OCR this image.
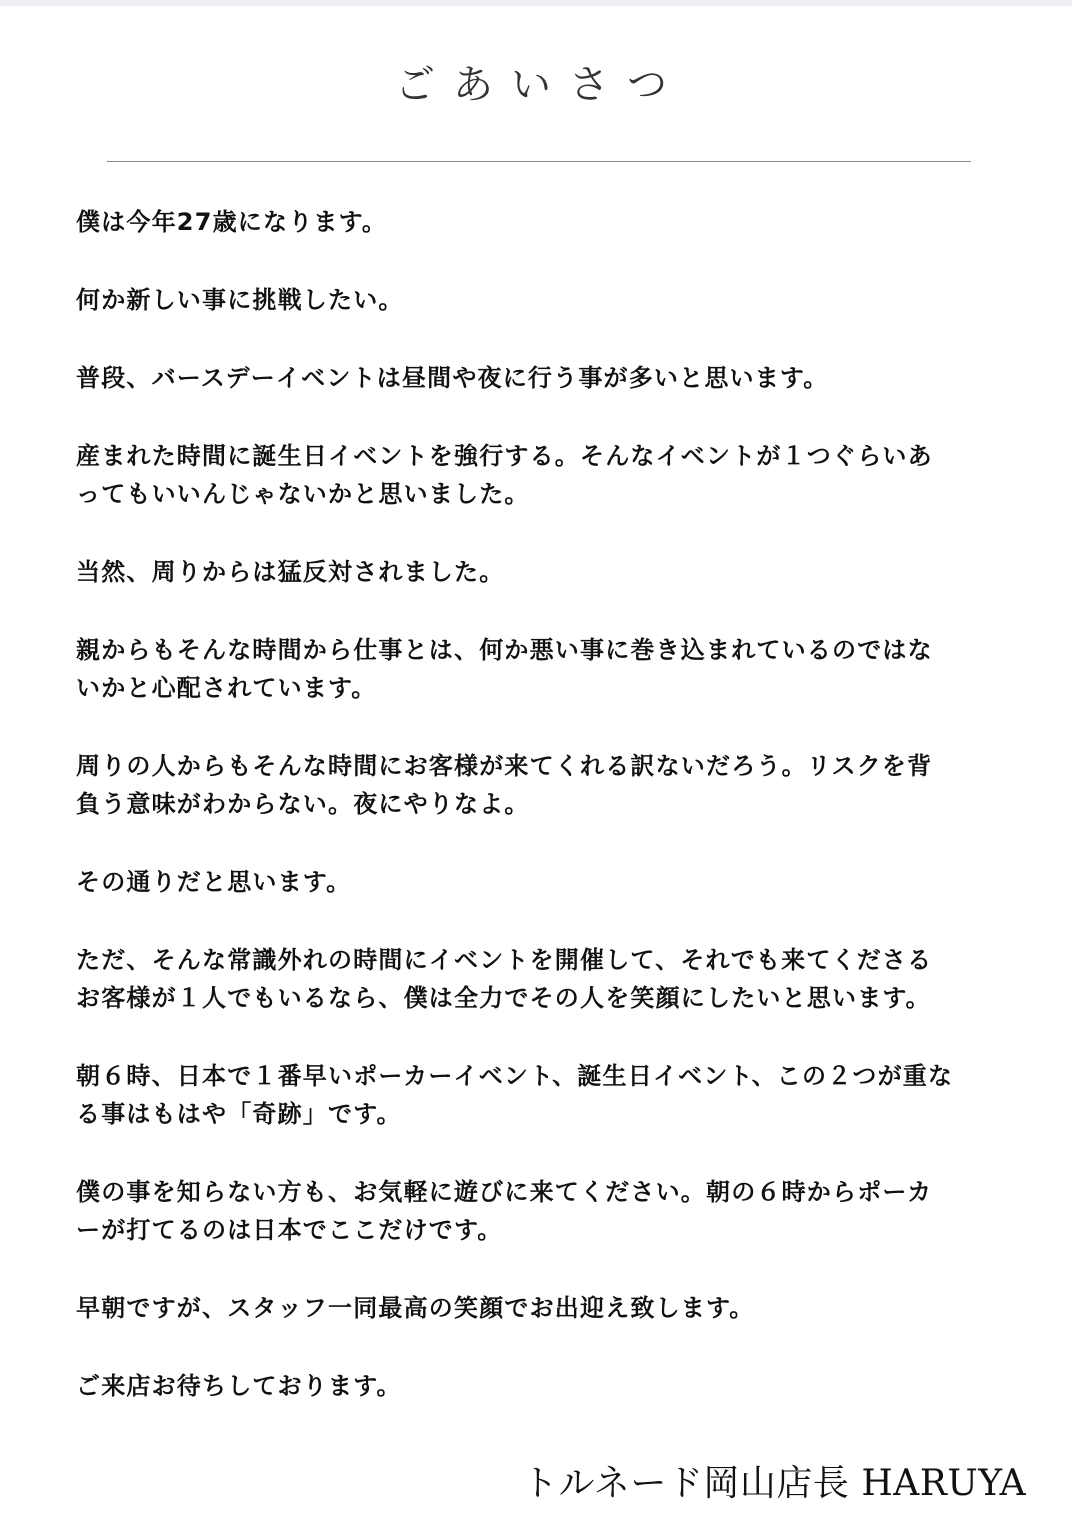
ごあいさつ

僕は今年27歳になります。

何か新しい事に挑戦したい。

普段、バースデーイベントは昼間や夜に行う事が多いと思います。

産まれた時間に誕生日イベントを強行する。そんなイベントが１つぐらいあってもいいんじゃないかと思いました。

当然、周りからは猛反対されました。

親からもそんな時間から仕事とは、何か悪い事に巻き込まれているのではないかと心配されています。

周りの人からもそんな時間にお客様が来てくれる訳ないだろう。リスクを背負う意味がわからない。夜にやりなよ。

その通りだと思います。

ただ、そんな常識外れの時間にイベントを開催して、それでも来てくださるお客様が１人でもいるなら、僕は全力でその人を笑顔にしたいと思います。

朝６時、日本で１番早いポーカーイベント、誕生日イベント、この２つが重なる事はもはや「奇跡」です。

僕の事を知らない方も、お気軽に遊びに来てください。朝の６時からポーカーが打てるのは日本でここだけです。

早朝ですが、スタッフ一同最高の笑顔でお出迎え致します。

ご来店お待ちしております。

トルネード岡山店長 HARUYA
